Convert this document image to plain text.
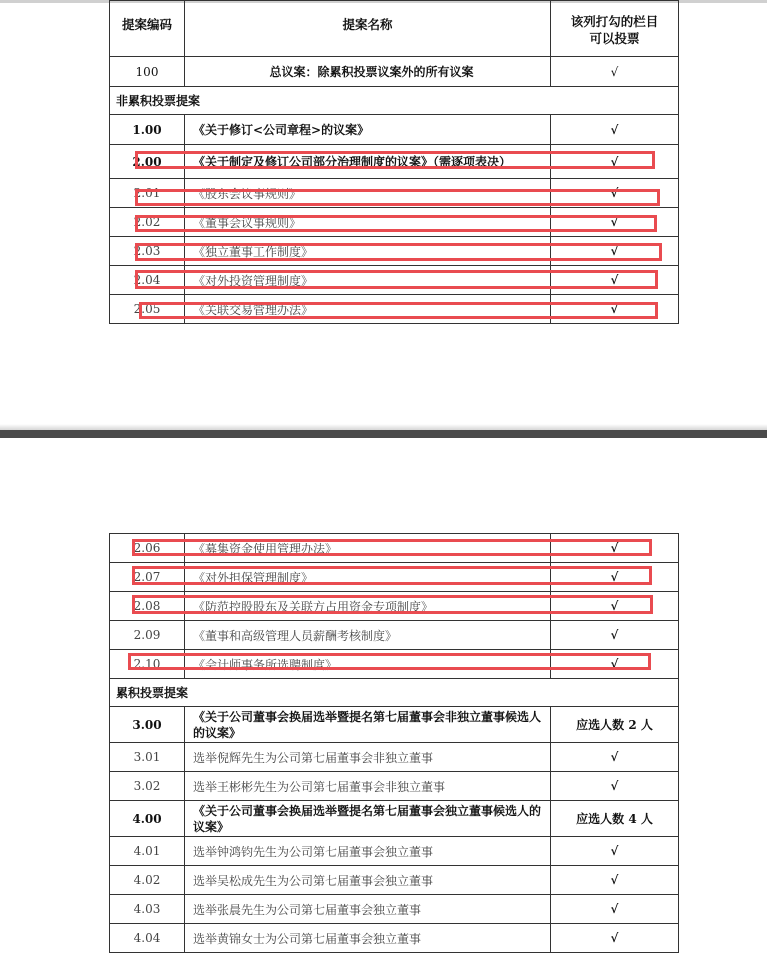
提案编码	提案名称	该列打勾的栏目
可以投票

100	总议案：除累积投票议案外的所有议案	√
非累积投票提案		
1.00	《关于修订<公司章程>的议案》	√
2.00	《关于制定及修订公司部分治理制度的议案》（需逐项表决）	√
2.01	《股东会议事规则》	√
2.02	《董事会议事规则》	√
2.03	《独立董事工作制度》	√
2.04	《对外投资管理制度》	√
2.05	《关联交易管理办法》	√
2.06	《募集资金使用管理办法》	√
2.07	《对外担保管理制度》	√
2.08	《防范控股股东及关联方占用资金专项制度》	√
2.09	《董事和高级管理人员薪酬考核制度》	√
2.10	《会计师事务所选聘制度》	√
累积投票提案		
3.00	《关于公司董事会换届选举暨提名第七届董事会非独立董事候选人的议案》	应选人数 2 人
3.01	选举倪辉先生为公司第七届董事会非独立董事	√
3.02	选举王彬彬先生为公司第七届董事会非独立董事	√
4.00	《关于公司董事会换届选举暨提名第七届董事会独立董事候选人的议案》	应选人数 4 人
4.01	选举钟鸿钧先生为公司第七届董事会独立董事	√
4.02	选举吴松成先生为公司第七届董事会独立董事	√
4.03	选举张晨先生为公司第七届董事会独立董事	√
4.04	选举黄锦女士为公司第七届董事会独立董事	√
